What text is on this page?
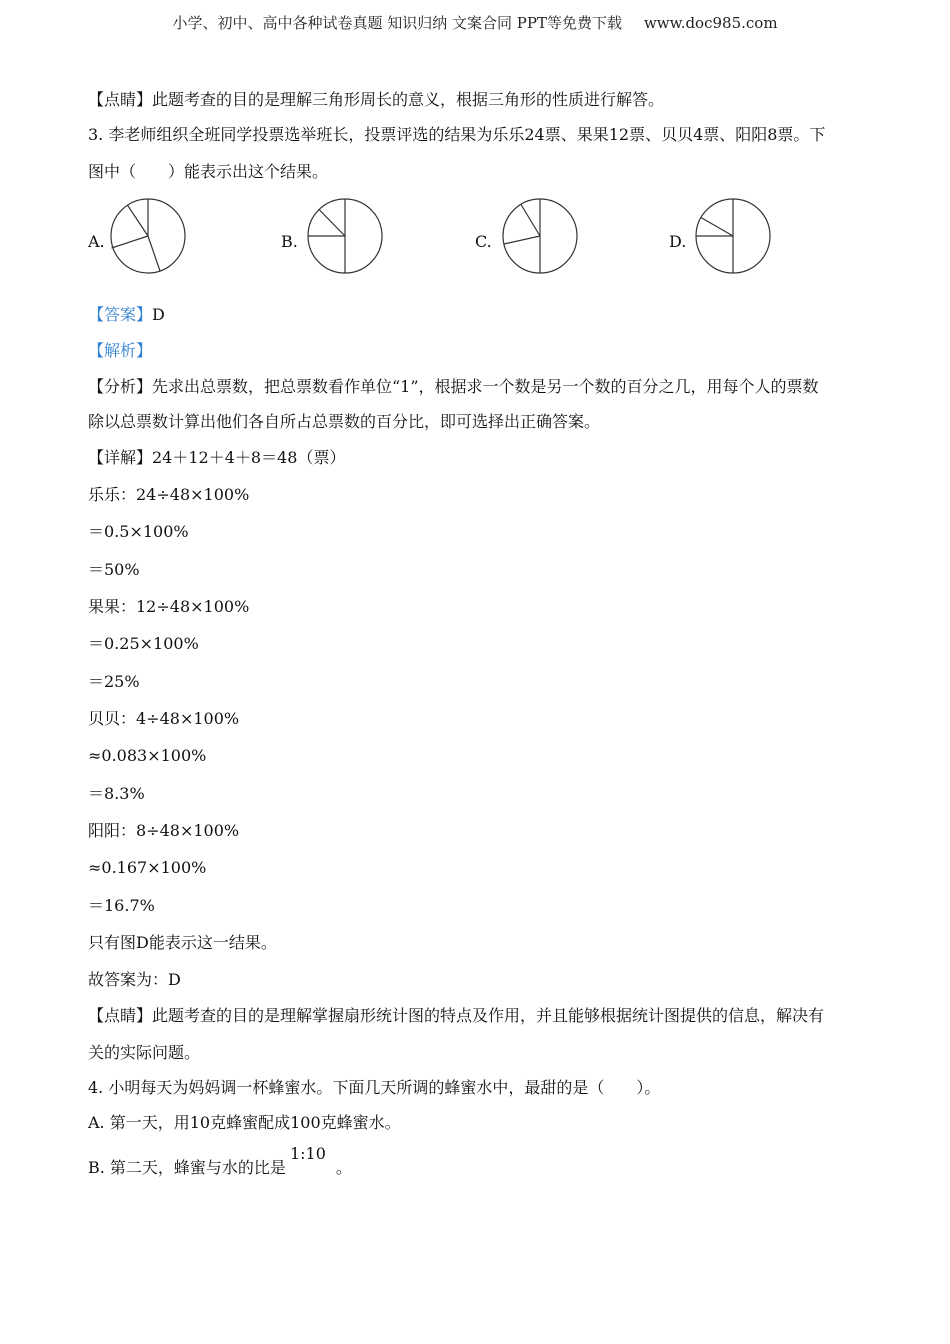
小学、初中、高中各种试卷真题 知识归纳 文案合同 PPT等免费下载 www.doc985.com
【点睛】此题考查的目的是理解三角形周长的意义，根据三角形的性质进行解答。
3. 李老师组织全班同学投票选举班长，投票评选的结果为乐乐24票、果果12票、贝贝4票、阳阳8票。下
图中（　　）能表示出这个结果。
A.	B.	C.	D.
【答案】D
【解析】
【分析】先求出总票数，把总票数看作单位“1”，根据求一个数是另一个数的百分之几，用每个人的票数
除以总票数计算出他们各自所占总票数的百分比，即可选择出正确答案。
【详解】24＋12＋4＋8＝48（票）
乐乐：24÷48×100%
＝0.5×100%
＝50%
果果：12÷48×100%
＝0.25×100%
＝25%
贝贝：4÷48×100%
≈0.083×100%
＝8.3%
阳阳：8÷48×100%
≈0.167×100%
＝16.7%
只有图D能表示这一结果。
故答案为：D
【点睛】此题考查的目的是理解掌握扇形统计图的特点及作用，并且能够根据统计图提供的信息，解决有
关的实际问题。
4. 小明每天为妈妈调一杯蜂蜜水。下面几天所调的蜂蜜水中，最甜的是（　　）。
A. 第一天，用10克蜂蜜配成100克蜂蜜水。
B. 第二天，蜂蜜与水的比是1:10。
